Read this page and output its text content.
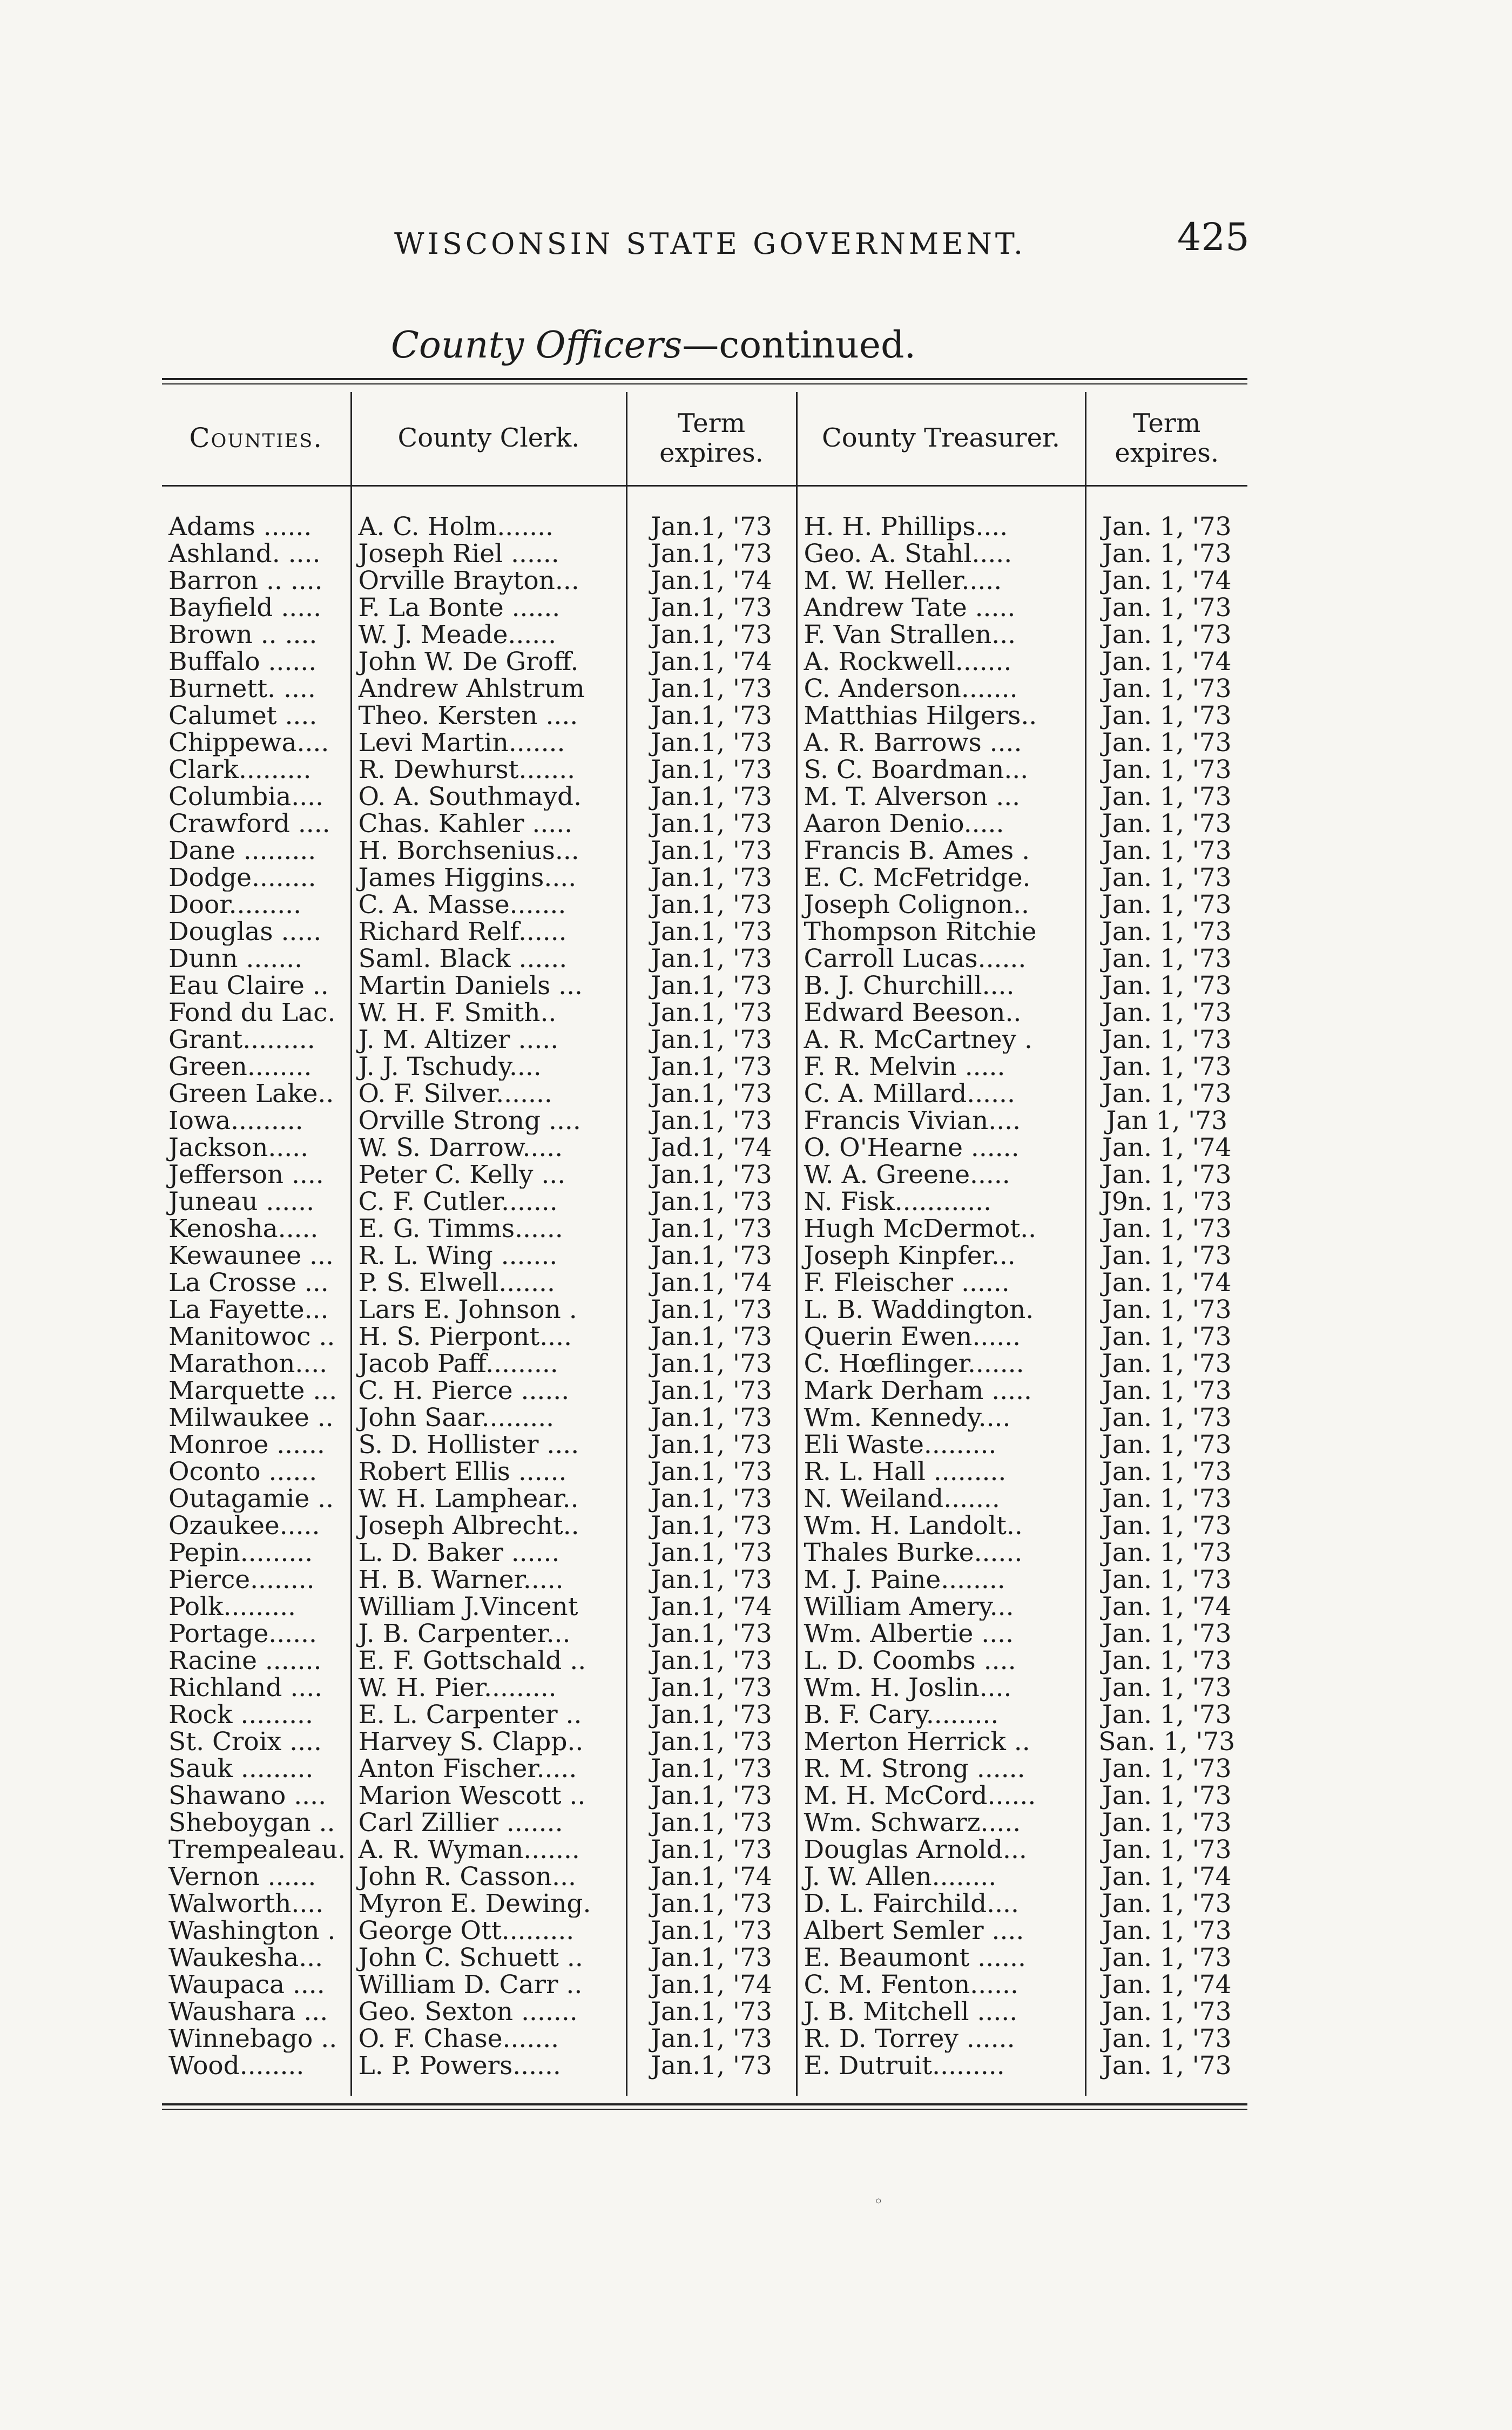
WISCONSIN STATE GOVERNMENT.	425
County Officers—continued.
Counties.	County Clerk.	Term
expires.	County Treasurer.	Term
expires.
Adams ......	A. C. Holm.......	Jan.1, '73	H. H. Phillips....	Jan. 1, '73
Ashland. ....	Joseph Riel ......	Jan.1, '73	Geo. A. Stahl.....	Jan. 1, '73
Barron .. ....	Orville Brayton...	Jan.1, '74	M. W. Heller.....	Jan. 1, '74
Bayfield .....	F. La Bonte ......	Jan.1, '73	Andrew Tate .....	Jan. 1, '73
Brown .. ....	W. J. Meade......	Jan.1, '73	F. Van Strallen...	Jan. 1, '73
Buffalo ......	John W. De Groff.	Jan.1, '74	A. Rockwell.......	Jan. 1, '74
Burnett. ....	Andrew Ahlstrum	Jan.1, '73	C. Anderson.......	Jan. 1, '73
Calumet ....	Theo. Kersten ....	Jan.1, '73	Matthias Hilgers..	Jan. 1, '73
Chippewa....	Levi Martin.......	Jan.1, '73	A. R. Barrows ....	Jan. 1, '73
Clark.........	R. Dewhurst.......	Jan.1, '73	S. C. Boardman...	Jan. 1, '73
Columbia....	O. A. Southmayd.	Jan.1, '73	M. T. Alverson ...	Jan. 1, '73
Crawford ....	Chas. Kahler .....	Jan.1, '73	Aaron Denio.....	Jan. 1, '73
Dane .........	H. Borchsenius...	Jan.1, '73	Francis B. Ames .	Jan. 1, '73
Dodge........	James Higgins....	Jan.1, '73	E. C. McFetridge.	Jan. 1, '73
Door.........	C. A. Masse.......	Jan.1, '73	Joseph Colignon..	Jan. 1, '73
Douglas .....	Richard Relf......	Jan.1, '73	Thompson Ritchie	Jan. 1, '73
Dunn .......	Saml. Black ......	Jan.1, '73	Carroll Lucas......	Jan. 1, '73
Eau Claire ..	Martin Daniels ...	Jan.1, '73	B. J. Churchill....	Jan. 1, '73
Fond du Lac.	W. H. F. Smith..	Jan.1, '73	Edward Beeson..	Jan. 1, '73
Grant.........	J. M. Altizer .....	Jan.1, '73	A. R. McCartney .	Jan. 1, '73
Green........	J. J. Tschudy....	Jan.1, '73	F. R. Melvin .....	Jan. 1, '73
Green Lake..	O. F. Silver.......	Jan.1, '73	C. A. Millard......	Jan. 1, '73
Iowa.........	Orville Strong ....	Jan.1, '73	Francis Vivian....	Jan 1, '73
Jackson.....	W. S. Darrow.....	Jad.1, '74	O. O'Hearne ......	Jan. 1, '74
Jefferson ....	Peter C. Kelly ...	Jan.1, '73	W. A. Greene.....	Jan. 1, '73
Juneau ......	C. F. Cutler.......	Jan.1, '73	N. Fisk............	J9n. 1, '73
Kenosha.....	E. G. Timms......	Jan.1, '73	Hugh McDermot..	Jan. 1, '73
Kewaunee ...	R. L. Wing .......	Jan.1, '73	Joseph Kinpfer...	Jan. 1, '73
La Crosse ...	P. S. Elwell.......	Jan.1, '74	F. Fleischer ......	Jan. 1, '74
La Fayette...	Lars E. Johnson .	Jan.1, '73	L. B. Waddington.	Jan. 1, '73
Manitowoc ..	H. S. Pierpont....	Jan.1, '73	Querin Ewen......	Jan. 1, '73
Marathon....	Jacob Paff.........	Jan.1, '73	C. Hœflinger.......	Jan. 1, '73
Marquette ...	C. H. Pierce ......	Jan.1, '73	Mark Derham .....	Jan. 1, '73
Milwaukee ..	John Saar.........	Jan.1, '73	Wm. Kennedy....	Jan. 1, '73
Monroe ......	S. D. Hollister ....	Jan.1, '73	Eli Waste.........	Jan. 1, '73
Oconto ......	Robert Ellis ......	Jan.1, '73	R. L. Hall .........	Jan. 1, '73
Outagamie ..	W. H. Lamphear..	Jan.1, '73	N. Weiland.......	Jan. 1, '73
Ozaukee.....	Joseph Albrecht..	Jan.1, '73	Wm. H. Landolt..	Jan. 1, '73
Pepin.........	L. D. Baker ......	Jan.1, '73	Thales Burke......	Jan. 1, '73
Pierce........	H. B. Warner.....	Jan.1, '73	M. J. Paine........	Jan. 1, '73
Polk.........	William J.Vincent	Jan.1, '74	William Amery...	Jan. 1, '74
Portage......	J. B. Carpenter...	Jan.1, '73	Wm. Albertie ....	Jan. 1, '73
Racine .......	E. F. Gottschald ..	Jan.1, '73	L. D. Coombs ....	Jan. 1, '73
Richland ....	W. H. Pier.........	Jan.1, '73	Wm. H. Joslin....	Jan. 1, '73
Rock .........	E. L. Carpenter ..	Jan.1, '73	B. F. Cary.........	Jan. 1, '73
St. Croix ....	Harvey S. Clapp..	Jan.1, '73	Merton Herrick ..	San. 1, '73
Sauk .........	Anton Fischer.....	Jan.1, '73	R. M. Strong ......	Jan. 1, '73
Shawano ....	Marion Wescott ..	Jan.1, '73	M. H. McCord......	Jan. 1, '73
Sheboygan ..	Carl Zillier .......	Jan.1, '73	Wm. Schwarz.....	Jan. 1, '73
Trempealeau.	A. R. Wyman.......	Jan.1, '73	Douglas Arnold...	Jan. 1, '73
Vernon ......	John R. Casson...	Jan.1, '74	J. W. Allen........	Jan. 1, '74
Walworth....	Myron E. Dewing.	Jan.1, '73	D. L. Fairchild....	Jan. 1, '73
Washington .	George Ott.........	Jan.1, '73	Albert Semler ....	Jan. 1, '73
Waukesha...	John C. Schuett ..	Jan.1, '73	E. Beaumont ......	Jan. 1, '73
Waupaca ....	William D. Carr ..	Jan.1, '74	C. M. Fenton......	Jan. 1, '74
Waushara ...	Geo. Sexton .......	Jan.1, '73	J. B. Mitchell .....	Jan. 1, '73
Winnebago ..	O. F. Chase.......	Jan.1, '73	R. D. Torrey ......	Jan. 1, '73
Wood........	L. P. Powers......	Jan.1, '73	E. Dutruit.........	Jan. 1, '73
◦
